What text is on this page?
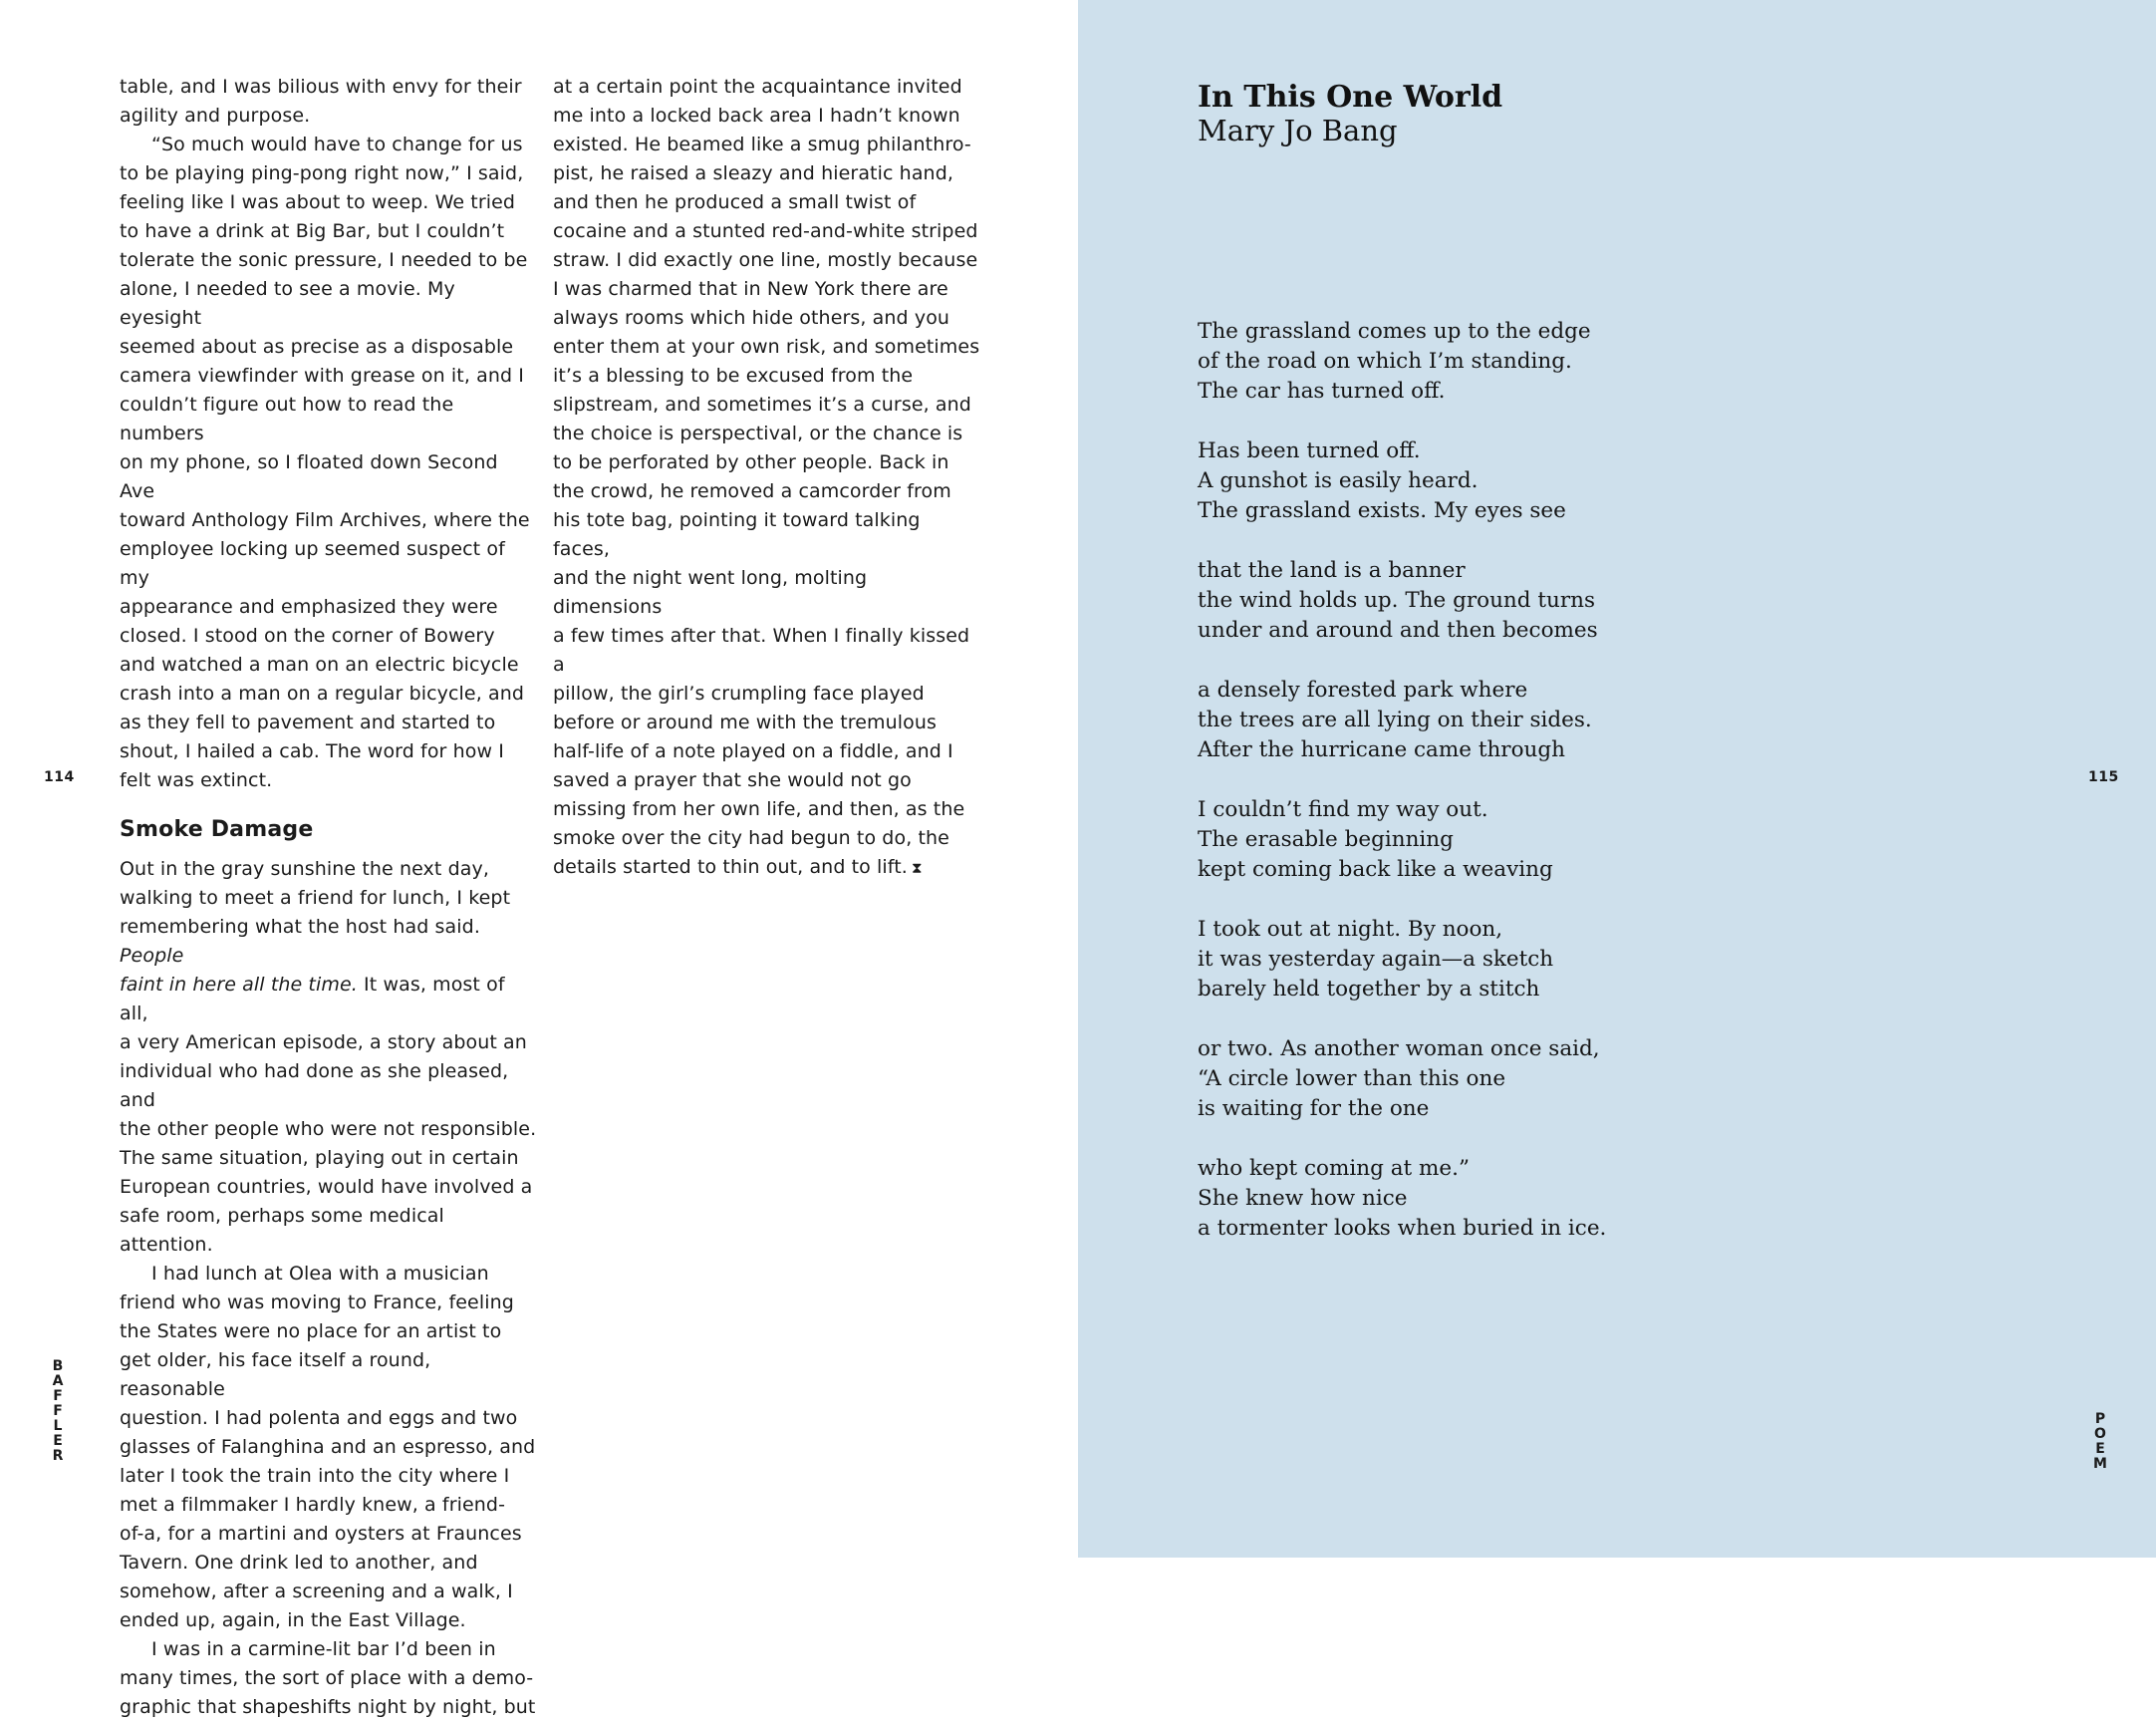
table, and I was bilious with envy for their
agility and purpose.

“So much would have to change for us
to be playing ping-pong right now,” I said,
feeling like I was about to weep. We tried
to have a drink at Big Bar, but I couldn’t
tolerate the sonic pressure, I needed to be
alone, I needed to see a movie. My eyesight
seemed about as precise as a disposable
camera viewfinder with grease on it, and I
couldn’t figure out how to read the numbers
on my phone, so I floated down Second Ave
toward Anthology Film Archives, where the
employee locking up seemed suspect of my
appearance and emphasized they were
closed. I stood on the corner of Bowery
and watched a man on an electric bicycle
crash into a man on a regular bicycle, and
as they fell to pavement and started to
shout, I hailed a cab. The word for how I
felt was extinct.

Smoke Damage

Out in the gray sunshine the next day,
walking to meet a friend for lunch, I kept
remembering what the host had said. People
faint in here all the time. It was, most of all,
a very American episode, a story about an
individual who had done as she pleased, and
the other people who were not responsible.
The same situation, playing out in certain
European countries, would have involved a
safe room, perhaps some medical attention.

I had lunch at Olea with a musician
friend who was moving to France, feeling
the States were no place for an artist to
get older, his face itself a round, reasonable
question. I had polenta and eggs and two
glasses of Falanghina and an espresso, and
later I took the train into the city where I
met a filmmaker I hardly knew, a friend-
of-a, for a martini and oysters at Fraunces
Tavern. One drink led to another, and
somehow, after a screening and a walk, I
ended up, again, in the East Village.

I was in a carmine-lit bar I’d been in
many times, the sort of place with a demo-
graphic that shapeshifts night by night, but

at a certain point the acquaintance invited
me into a locked back area I hadn’t known
existed. He beamed like a smug philanthro-
pist, he raised a sleazy and hieratic hand,
and then he produced a small twist of
cocaine and a stunted red-and-white striped
straw. I did exactly one line, mostly because
I was charmed that in New York there are
always rooms which hide others, and you
enter them at your own risk, and sometimes
it’s a blessing to be excused from the
slipstream, and sometimes it’s a curse, and
the choice is perspectival, or the chance is
to be perforated by other people. Back in
the crowd, he removed a camcorder from
his tote bag, pointing it toward talking faces,
and the night went long, molting dimensions
a few times after that. When I finally kissed a
pillow, the girl’s crumpling face played
before or around me with the tremulous
half-life of a note played on a fiddle, and I
saved a prayer that she would not go
missing from her own life, and then, as the
smoke over the city had begun to do, the
details started to thin out, and to lift. ⧗

114
B
A
F
F
L
E
R
In This One World
Mary Jo Bang
The grassland comes up to the edge
of the road on which I’m standing.
The car has turned off.
Has been turned off.
A gunshot is easily heard.
The grassland exists. My eyes see
that the land is a banner
the wind holds up. The ground turns
under and around and then becomes
a densely forested park where
the trees are all lying on their sides.
After the hurricane came through
I couldn’t find my way out.
The erasable beginning
kept coming back like a weaving
I took out at night. By noon,
it was yesterday again—a sketch
barely held together by a stitch
or two. As another woman once said,
“A circle lower than this one
is waiting for the one
who kept coming at me.”
She knew how nice
a tormenter looks when buried in ice.
115
P
O
E
M
